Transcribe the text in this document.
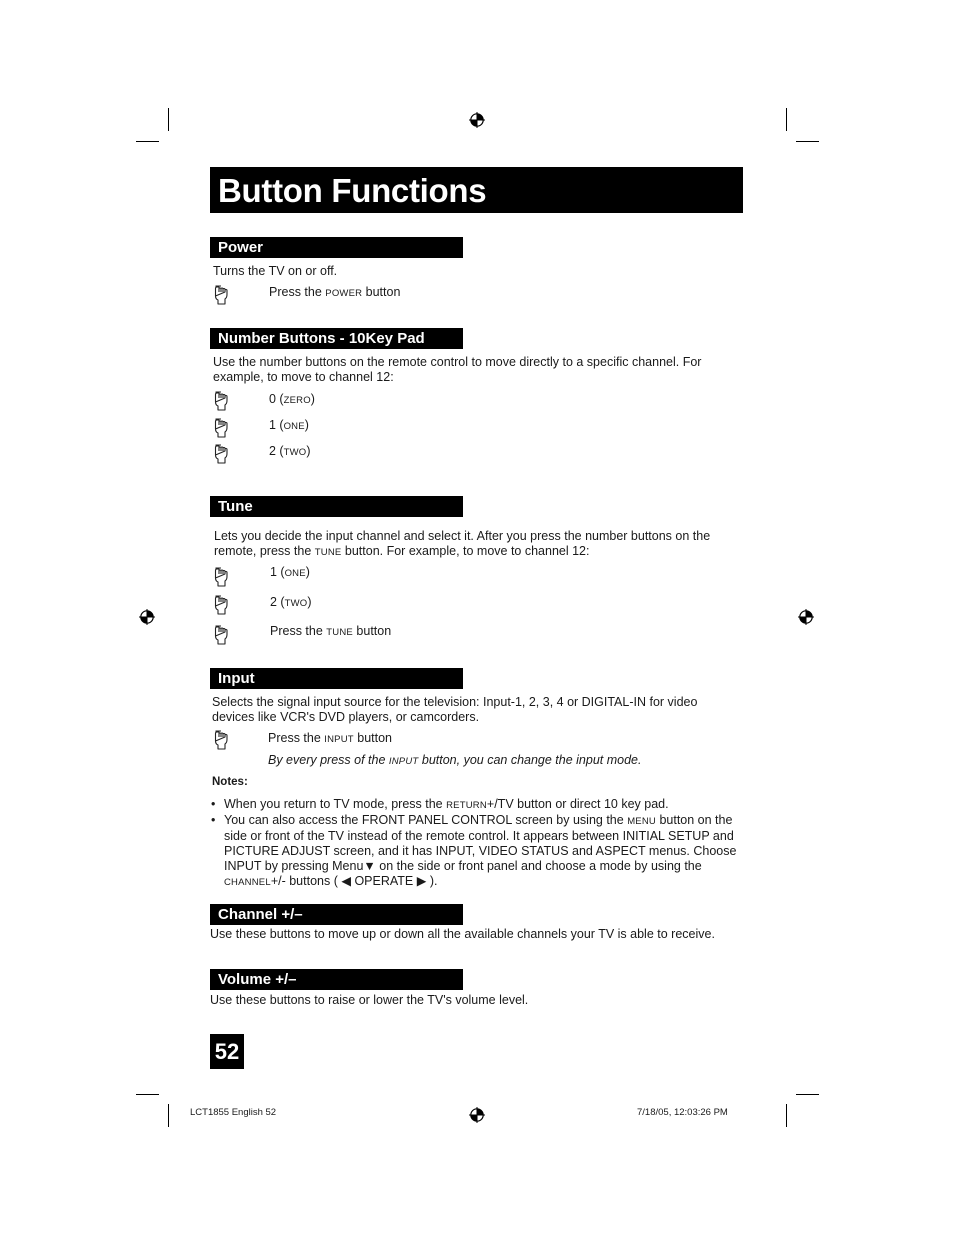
Button Functions
Power
Turns the TV on or off.
Press the POWER button
Number Buttons - 10Key Pad
Use the number buttons on the remote control to move directly to a specific channel. For example, to move to channel 12:
0 (ZERO)
1 (ONE)
2 (TWO)
Tune
Lets you decide the input channel and select it. After you press the number buttons on the remote, press the TUNE button. For example, to move to channel 12:
1 (ONE)
2 (TWO)
Press the TUNE button
Input
Selects the signal input source for the television: Input-1, 2, 3, 4 or DIGITAL-IN for video devices like VCR's DVD players, or camcorders.
Press the INPUT button
By every press of the INPUT button, you can change the input mode.
Notes:
• When you return to TV mode, press the RETURN+/TV button or direct 10 key pad.
• You can also access the FRONT PANEL CONTROL screen by using the MENU button on the side or front of the TV instead of the remote control. It appears between INITIAL SETUP and PICTURE ADJUST screen, and it has INPUT, VIDEO STATUS and ASPECT menus. Choose INPUT by pressing Menu▼ on the side or front panel and choose a mode by using the CHANNEL+/- buttons ( ◀ OPERATE ▶ ).
Channel +/–
Use these buttons to move up or down all the available channels your TV is able to receive.
Volume +/–
Use these buttons to raise or lower the TV's volume level.
52
LCT1855 English 52	7/18/05, 12:03:26 PM
